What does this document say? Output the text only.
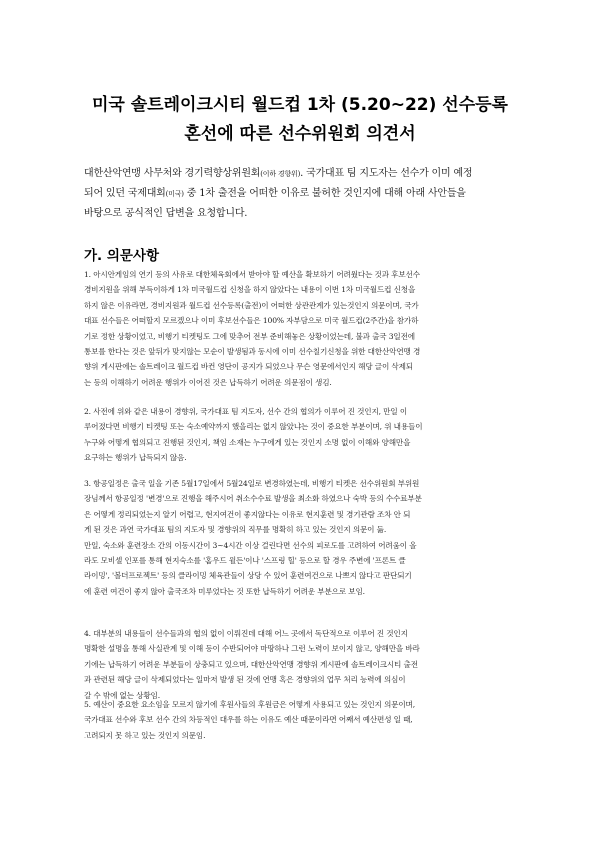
미국 솔트레이크시티 월드컵 1차 (5.20~22) 선수등록
혼선에 따른 선수위원회 의견서
대한산악연맹 사무처와 경기력향상위원회(이하 경향위). 국가대표 팀 지도자는 선수가 이미 예정
되어 있던 국제대회(미국) 중 1차 출전을 어떠한 이유로 불허한 것인지에 대해 아래 사안들을
바탕으로 공식적인 답변을 요청합니다.
가. 의문사항
1. 아시안게임의 연기 등의 사유로 대한체육회에서 받아야 할 예산을 확보하기 어려웠다는 것과 후보선수
경비지원을 위해 부득이하게 1차 미국월드컵 신청을 하지 않았다는 내용이 이번 1차 미국월드컵 신청을
하지 않은 이유라면, 경비지원과 월드컵 선수등록(출전)이 어떠한 상관관계가 있는것인지 의문이며, 국가
대표 선수들은 어떠할지 모르겠으나 이미 후보선수들은 100% 자부담으로 미국 월드컵(2주간)을 참가하
기로 정한 상황이었고, 비행기 티켓팅도 그에 맞추어 전부 준비해놓은 상황이었는데, 불과 출국 3일전에
통보를 한다는 것은 앞뒤가 맞지않는 모순이 발생됨과 동시에 이미 선수칠기신청을 위한 대한산악연맹 경
향위 게시판에는 솔트레이크 월드컵 바컨 영단이 공지가 되었으나 무슨 영문에서인지 해당 글이 삭제되
는 등의 이해하기 어려운 행위가 이어진 것은 납득하기 어려운 의문점이 생김.
2. 사전에 위와 같은 내용이 경향위, 국가대표 팀 지도자, 선수 간의 협의가 이루어 진 것인지, 만일 이
루어졌다면 비행기 티켓팅 또는 숙소예약까지 했을리는 없지 않았냐는 것이 중요한 부분이며, 위 내용들이
누구와 어떻게 협의되고 진행된 것인지, 책임 소재는 누구에게 있는 것인지 소명 없이 이해와 양해만을
요구하는 행위가 납득되지 않음.
3. 항공일정은 출국 일을 기존 5월17일에서 5월24일로 변경하였는데, 비행기 티켓은 선수위원회 부위원
장님께서 항공일정 '변경'으로 진행을 해주시어 취소수수료 발생을 최소화 하였으나 숙박 등의 수수료부분
은 어떻게 정리되었는지 알기 어렵고, 현지여건이 좋지않다는 이유로 현지훈련 및 경기관람 조차 안 되
게 된 것은 과연 국가대표 팀의 지도자 및 경향위의 직무를 명확히 하고 있는 것인지 의문이 듦.
만일, 숙소와 훈련장소 간의 이동시간이 3~4시간 이상 걸린다면 선수의 피로도를 고려하여 어려움이 올
라도 모비셀 인포를 통해 현지숙소를 '홈우드 윌든'이나 '스프링 힐' 등으로 할 경우 주변에 '프론트 클
라이밍', '볼더프로젝트' 등의 클라이밍 체육관들이 상당 수 있어 훈련여건으로 나쁘지 않다고 판단되기
에 훈련 여건이 좋지 않아 출국조차 미루었다는 것 또한 납득하기 어려운 부분으로 보임.
4. 대부분의 내용들이 선수들과의 협의 없이 이뤄진데 대해 어느 곳에서 독단적으로 이루어 진 것인지
명확한 설명을 통해 사실관계 및 이해 등이 수반되어야 마땅하나 그런 노력이 보이지 않고, 양해만을 바라
기에는 납득하기 어려운 부분들이 상충되고 있으며, 대한산악연맹 경향위 게시판에 솔트레이크시티 출전
과 관련된 해당 글이 삭제되었다는 일마저 발생 된 것에 연맹 혹은 경향위의 업무 처리 능력에 의심이
갈 수 밖에 없는 상황임.
5. 예산이 중요한 요소임을 모르지 않기에 후원사들의 후원금은 어떻게 사용되고 있는 것인지 의문이며,
국가대표 선수와 후보 선수 간의 차등적인 대우를 하는 이유도 예산 때문이라면 어째서 예산편성 일 때,
고려되지 못 하고 있는 것인지 의문임.
